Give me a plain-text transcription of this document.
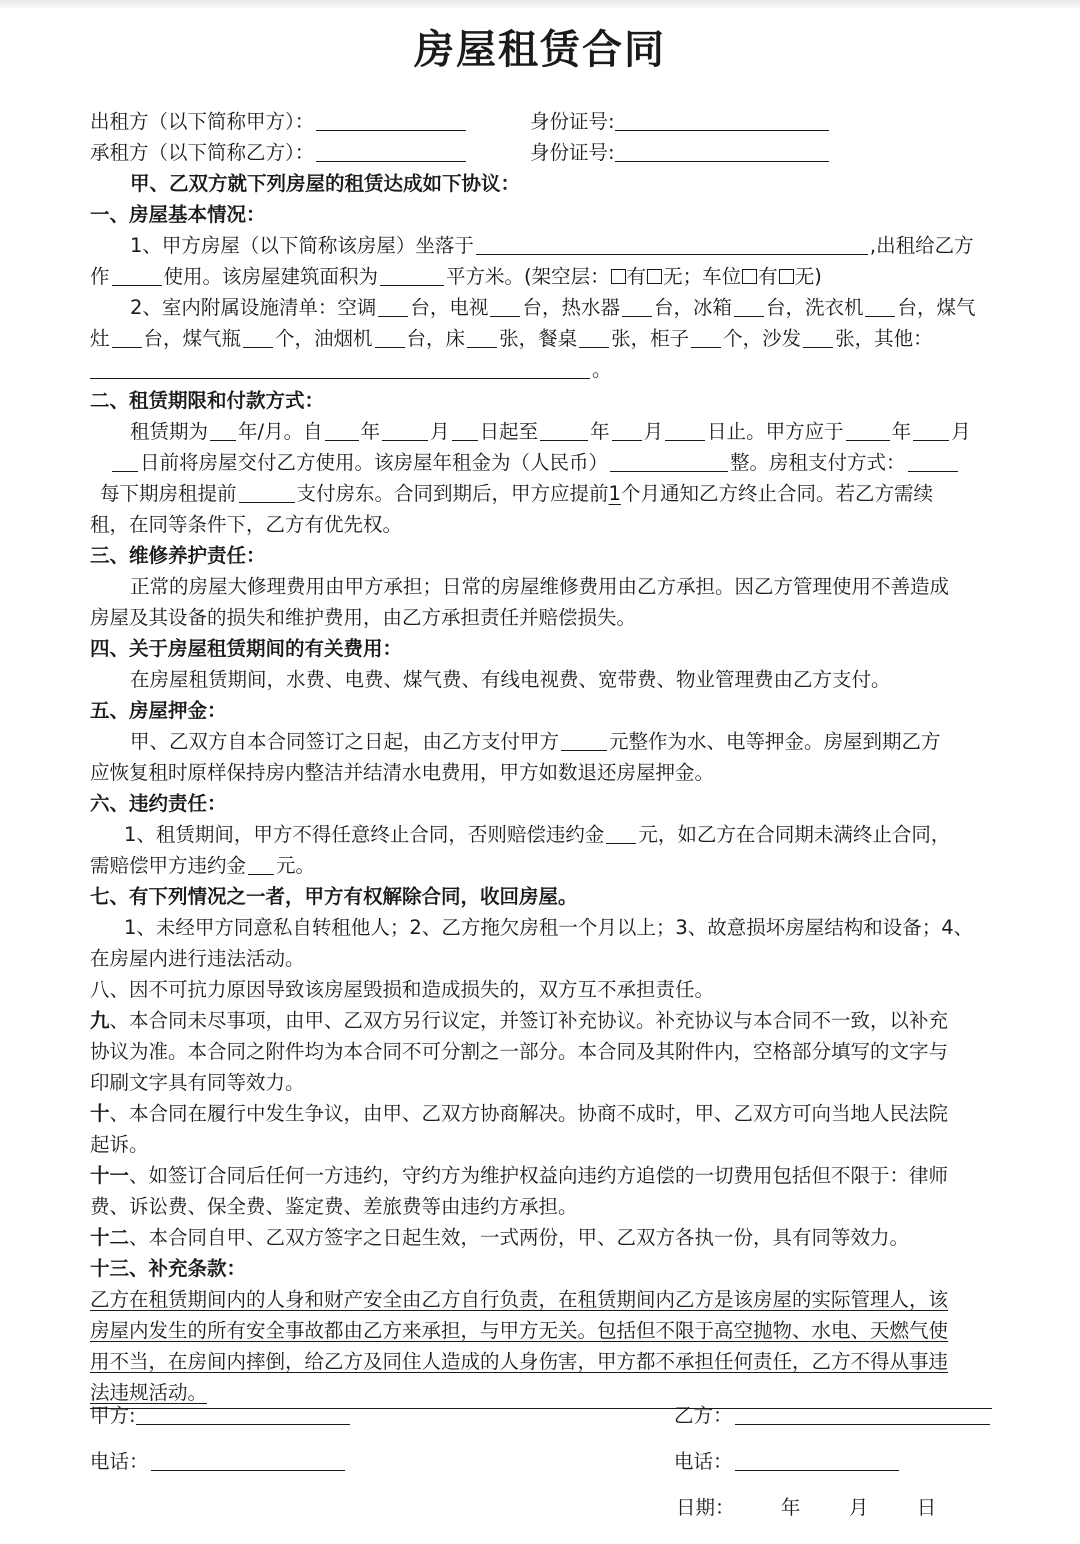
房屋租赁合同
出租方（以下简称甲方）：	身份证号:
承租方（以下简称乙方）：	身份证号:
甲、乙双方就下列房屋的租赁达成如下协议：
一、房屋基本情况：
1、甲方房屋（以下简称该房屋）坐落于	,出租给乙方
作	使用。该房屋建筑面积为	平方米。(架空层： 有 无；车位 有 无)
2、室内附属设施清单：空调 台，电视 台，热水器 台，冰箱 台，洗衣机 台，煤气
灶 台，煤气瓶 个，油烟机 台，床 张，餐桌 张，柜子 个，沙发 张，其他：
。
二、租赁期限和付款方式：
租赁期为 年/月。自 年	月 日起至	年 月 日止。甲方应于 年 月
日前将房屋交付乙方使用。该房屋年租金为（人民币）	整。房租支付方式：
每下期房租提前	支付房东。合同到期后，甲方应提前1个月通知乙方终止合同。若乙方需续
租，在同等条件下，乙方有优先权。
三、维修养护责任：
正常的房屋大修理费用由甲方承担；日常的房屋维修费用由乙方承担。因乙方管理使用不善造成
房屋及其设备的损失和维护费用，由乙方承担责任并赔偿损失。
四、关于房屋租赁期间的有关费用：
在房屋租赁期间，水费、电费、煤气费、有线电视费、宽带费、物业管理费由乙方支付。
五、房屋押金：
甲、乙双方自本合同签订之日起，由乙方支付甲方	元整作为水、电等押金。房屋到期乙方
应恢复租时原样保持房内整洁并结清水电费用，甲方如数退还房屋押金。
六、违约责任：
1、租赁期间，甲方不得任意终止合同，否则赔偿违约金 元，如乙方在合同期未满终止合同，
需赔偿甲方违约金 元。
七、有下列情况之一者，甲方有权解除合同，收回房屋。
1、未经甲方同意私自转租他人；2、乙方拖欠房租一个月以上；3、故意损坏房屋结构和设备；4、
在房屋内进行违法活动。
八、因不可抗力原因导致该房屋毁损和造成损失的，双方互不承担责任。
九、本合同未尽事项，由甲、乙双方另行议定，并签订补充协议。补充协议与本合同不一致，以补充
协议为准。本合同之附件均为本合同不可分割之一部分。本合同及其附件内，空格部分填写的文字与
印刷文字具有同等效力。
十、本合同在履行中发生争议，由甲、乙双方协商解决。协商不成时，甲、乙双方可向当地人民法院
起诉。
十一、如签订合同后任何一方违约，守约方为维护权益向违约方追偿的一切费用包括但不限于：律师
费、诉讼费、保全费、鉴定费、差旅费等由违约方承担。
十二、本合同自甲、乙双方签字之日起生效，一式两份，甲、乙双方各执一份，具有同等效力。
十三、补充条款：
乙方在租赁期间内的人身和财产安全由乙方自行负责，在租赁期间内乙方是该房屋的实际管理人，该
房屋内发生的所有安全事故都由乙方来承担，与甲方无关。包括但不限于高空抛物、水电、天燃气使
用不当，在房间内摔倒，给乙方及同住人造成的人身伤害，甲方都不承担任何责任，乙方不得从事违
法违规活动。
甲方:	乙方：
电话：	电话：
日期： 年 月 日
